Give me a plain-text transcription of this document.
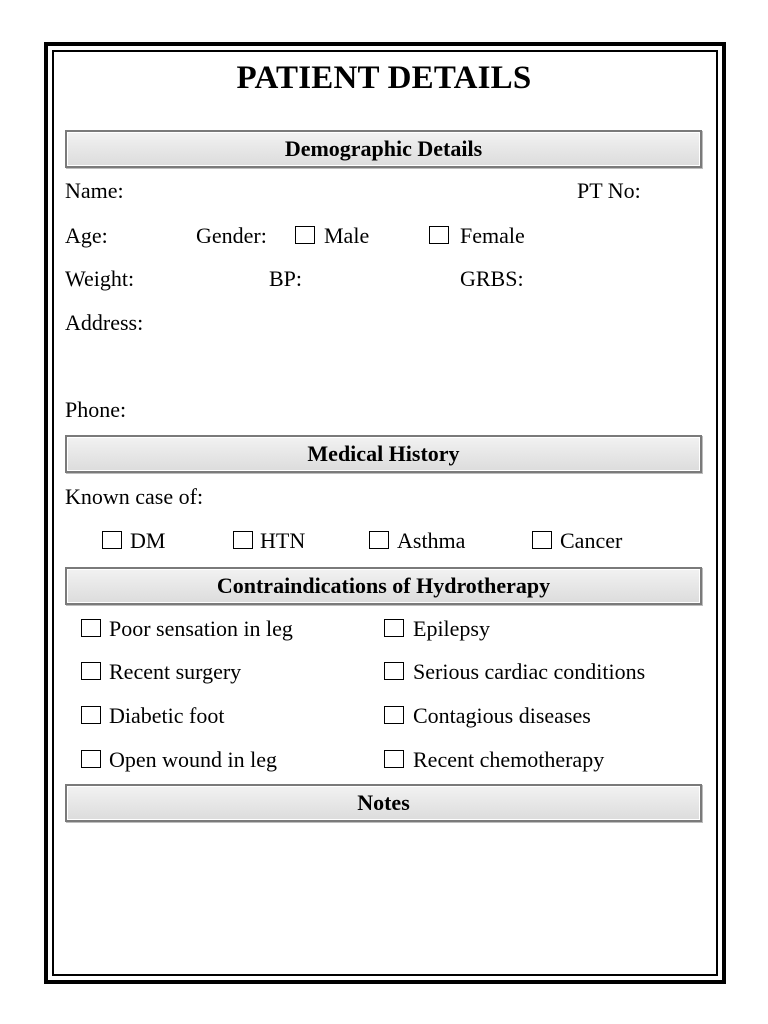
PATIENT DETAILS
Demographic Details
Name:	PT No:
Age:	Gender:	Male	Female
Weight:	BP:	GRBS:
Address:
Phone:
Medical History
Known case of:
DM	HTN	Asthma	Cancer
Contraindications of Hydrotherapy
Poor sensation in leg	Epilepsy
Recent surgery	Serious cardiac conditions
Diabetic foot	Contagious diseases
Open wound in leg	Recent chemotherapy
Notes
